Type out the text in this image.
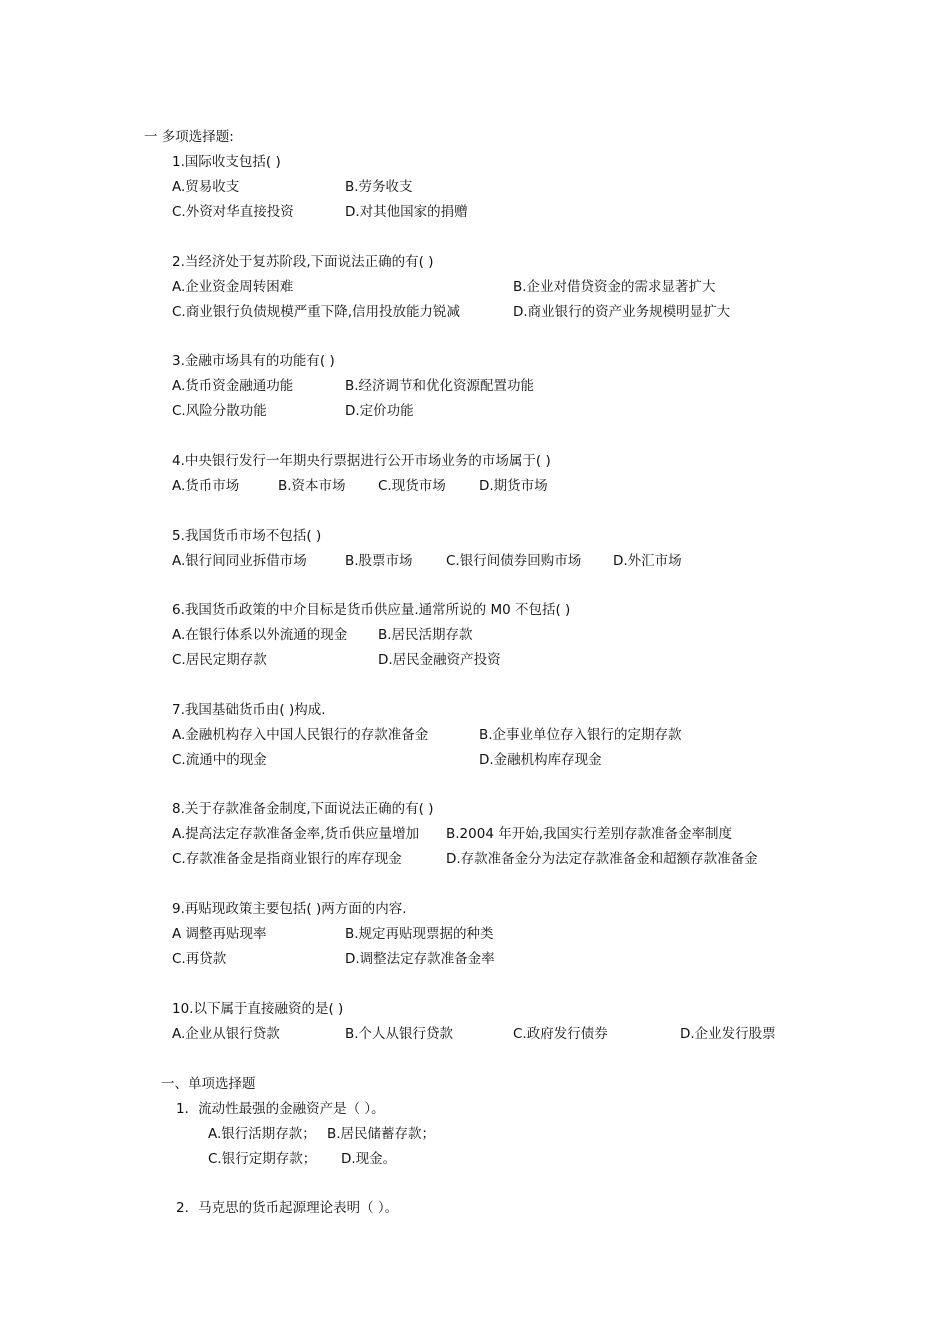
一 多项选择题:
1.国际收支包括( )
A.贸易收支	B.劳务收支
C.外资对华直接投资	D.对其他国家的捐赠
2.当经济处于复苏阶段,下面说法正确的有( )
A.企业资金周转困难	B.企业对借贷资金的需求显著扩大
C.商业银行负债规模严重下降,信用投放能力锐减	D.商业银行的资产业务规模明显扩大
3.金融市场具有的功能有( )
A.货币资金融通功能	B.经济调节和优化资源配置功能
C.风险分散功能	D.定价功能
4.中央银行发行一年期央行票据进行公开市场业务的市场属于( )
A.货币市场	B.资本市场 C.现货市场 D.期货市场
5.我国货币市场不包括( )
A.银行间同业拆借市场	B.股票市场 C.银行间债券回购市场 D.外汇市场
6.我国货币政策的中介目标是货币供应量.通常所说的 M0 不包括( )
A.在银行体系以外流通的现金 B.居民活期存款
C.居民定期存款	D.居民金融资产投资
7.我国基础货币由( )构成.
A.金融机构存入中国人民银行的存款准备金	B.企事业单位存入银行的定期存款
C.流通中的现金	D.金融机构库存现金
8.关于存款准备金制度,下面说法正确的有( )
A.提高法定存款准备金率,货币供应量增加 B.2004 年开始,我国实行差别存款准备金率制度
C.存款准备金是指商业银行的库存现金	D.存款准备金分为法定存款准备金和超额存款准备金
9.再贴现政策主要包括( )两方面的内容.
A 调整再贴现率	B.规定再贴现票据的种类
C.再贷款	D.调整法定存款准备金率
10.以下属于直接融资的是( )
A.企业从银行贷款	B.个人从银行贷款	C.政府发行债券	D.企业发行股票
一、单项选择题
1．流动性最强的金融资产是（ ）。
A.银行活期存款； B.居民储蓄存款；
C.银行定期存款； D.现金。
2．马克思的货币起源理论表明（ ）。
